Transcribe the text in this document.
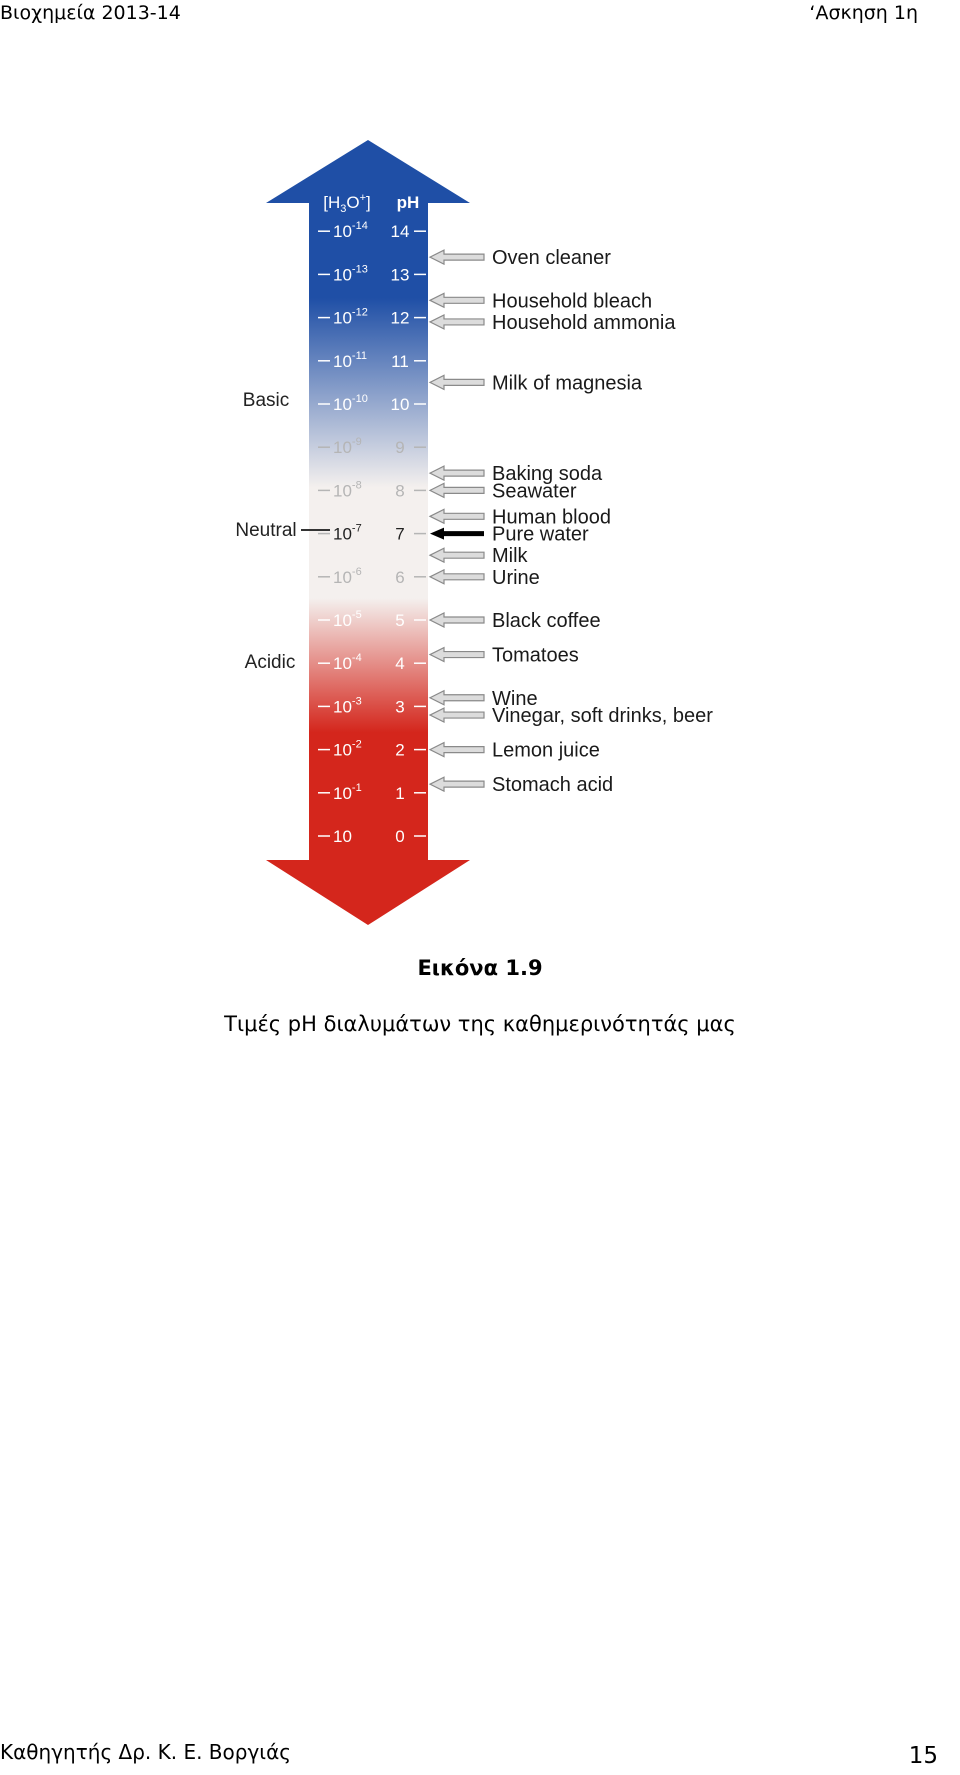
Βιοχημεία 2013-14	‘Ασκηση 1η
$[H_3O^+]$ pH
$10^{-14}$ 14
$10^{-13}$ 13
$10^{-12}$ 12
$10^{-11}$ 11
$10^{-10}$ 10
$10^{-9}$ 9
$10^{-8}$ 8
$10^{-7}$ 7
$10^{-6}$ 6
$10^{-5}$ 5
$10^{-4}$ 4
$10^{-3}$ 3
$10^{-2}$ 2
$10^{-1}$ 1
10	0
Oven cleaner
Household bleach
Household ammonia
Milk of magnesia
Baking soda
Seawater
Human blood
Pure water
Milk
Urine
Black coffee
Tomatoes
Wine
Vinegar, soft drinks, beer
Lemon juice
Stomach acid
Basic
Neutral
Acidic
Εικόνα 1.9
Τιμές pH διαλυμάτων της καθημερινότητάς μας
Καθηγητής Δρ. Κ. Ε. Βοργιάς	15
